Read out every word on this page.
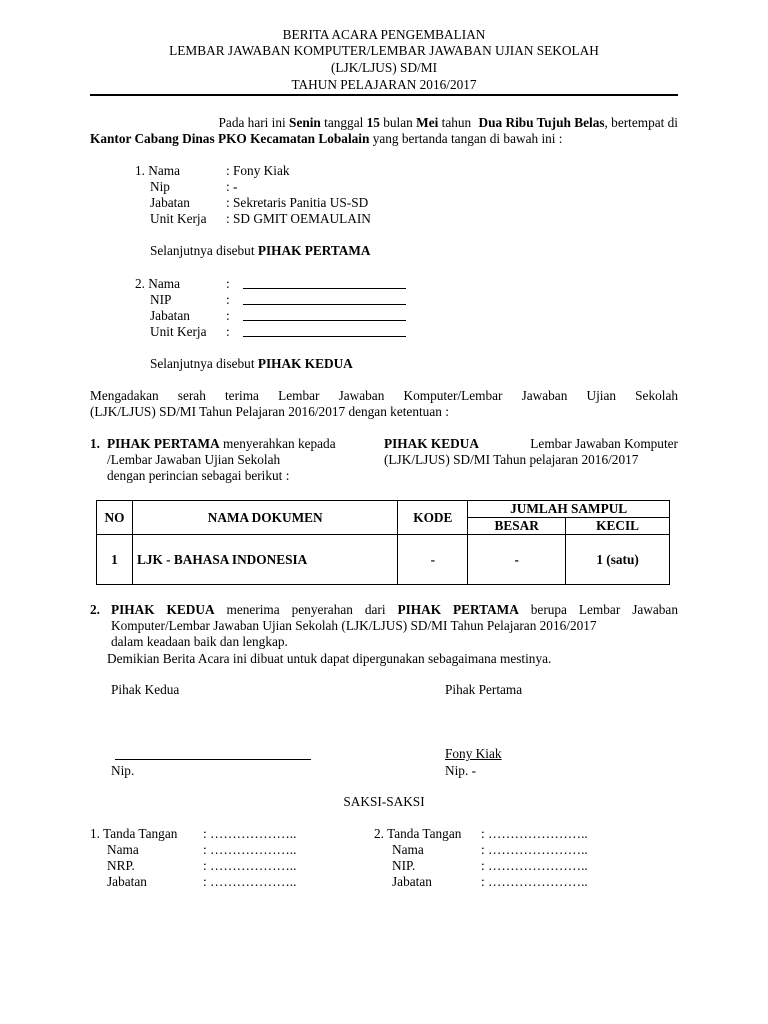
BERITA ACARA PENGEMBALIAN
LEMBAR JAWABAN KOMPUTER/LEMBAR JAWABAN UJIAN SEKOLAH
(LJK/LJUS) SD/MI
TAHUN PELAJARAN 2016/2017
Pada hari ini Senin tanggal 15 bulan Mei tahun Dua Ribu Tujuh Belas, bertempat di
Kantor Cabang Dinas PKO Kecamatan Lobalain yang bertanda tangan di bawah ini :
1. Nama	: Fony Kiak
Nip	: -
Jabatan	: Sekretaris Panitia US-SD
Unit Kerja : SD GMIT OEMAULAIN
Selanjutnya disebut PIHAK PERTAMA
2. Nama	:
NIP	:
Jabatan	:
Unit Kerja :
Selanjutnya disebut PIHAK KEDUA
Mengadakan serah terima Lembar Jawaban Komputer/Lembar Jawaban Ujian Sekolah
(LJK/LJUS) SD/MI Tahun Pelajaran 2016/2017 dengan ketentuan :
1. PIHAK PERTAMA menyerahkan kepada	PIHAK KEDUA	Lembar Jawaban Komputer
/Lembar Jawaban Ujian Sekolah	(LJK/LJUS) SD/MI Tahun pelajaran 2016/2017
dengan perincian sebagai berikut :
NO	NAMA DOKUMEN	KODE	JUMLAH SAMPUL	
			BESAR	KECIL
1	LJK - BAHASA INDONESIA	-	-	1 (satu)
2. PIHAK KEDUA menerima penyerahan dari PIHAK PERTAMA berupa Lembar Jawaban
Komputer/Lembar Jawaban Ujian Sekolah (LJK/LJUS) SD/MI Tahun Pelajaran 2016/2017
dalam keadaan baik dan lengkap.
Demikian Berita Acara ini dibuat untuk dapat dipergunakan sebagaimana mestinya.
Pihak Kedua	Pihak Pertama
Fony Kiak
Nip.	Nip. -
SAKSI-SAKSI
1. Tanda Tangan : ………………..
Nama	: ………………..
NRP.	: ………………..
Jabatan	: ………………..
2. Tanda Tangan : …………………..
Nama	: …………………..
NIP.	: …………………..
Jabatan	: …………………..
